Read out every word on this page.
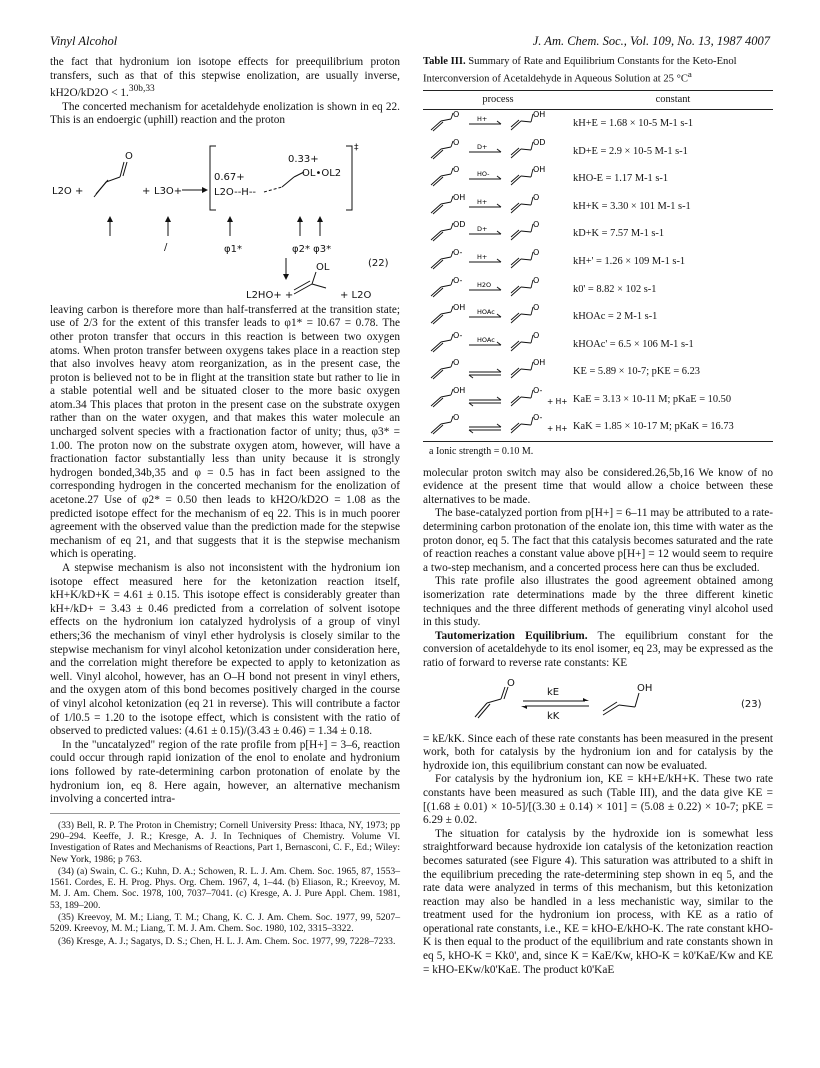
Vinyl Alcohol	J. Am. Chem. Soc., Vol. 109, No. 13, 1987 4007

the fact that hydronium ion isotope effects for preequilibrium proton transfers, such as that of this stepwise enolization, are usually inverse, kH2O/kD2O < 1.$^{30b,33}$

The concerted mechanism for acetaldehyde enolization is shown in eq 22. This is an endoergic (uphill) reaction and the proton

L2O +
O
+ L3O+
‡
0.33+
0.67+
L2O--H--
OL•OL2
/	φ1*	φ2* φ3*
(22)
L2HO+ +
OL
+ L2O

leaving carbon is therefore more than half-transferred at the transition state; use of 2/3 for the extent of this transfer leads to φ1* = l0.67 = 0.78. The other proton transfer that occurs in this reaction is between two oxygen atoms. When proton transfer between oxygens takes place in a reaction step that also involves heavy atom reorganization, as in the present case, the proton is believed not to be in flight at the transition state but rather to lie in a stable potential well and be situated closer to the more basic oxygen atom.34 This places that proton in the present case on the substrate oxygen rather than on the water oxygen, and that makes this water molecule an uncharged solvent species with a fractionation factor of unity; thus, φ3* = 1.00. The proton now on the substrate oxygen atom, however, will have a fractionation factor substantially less than unity because it is strongly hydrogen bonded,34b,35 and φ = 0.5 has in fact been assigned to the corresponding hydrogen in the concerted mechanism for the enolization of acetone.27 Use of φ2* = 0.50 then leads to kH2O/kD2O = 1.08 as the predicted isotope effect for the mechanism of eq 22. This is in much poorer agreement with the observed value than the prediction made for the stepwise mechanism of eq 21, and that suggests that it is the stepwise mechanism which is operating.

A stepwise mechanism is also not inconsistent with the hydronium ion isotope effect measured here for the ketonization reaction itself, kH+K/kD+K = 4.61 ± 0.15. This isotope effect is considerably greater than kH+/kD+ = 3.43 ± 0.46 predicted from a correlation of solvent isotope effects on the hydronium ion catalyzed hydrolysis of a group of vinyl ethers;36 the mechanism of vinyl ether hydrolysis is closely similar to the stepwise mechanism for vinyl alcohol ketonization under consideration here, and the correlation might therefore be expected to apply to ketonization as well. Vinyl alcohol, however, has an O–H bond not present in vinyl ethers, and the oxygen atom of this bond becomes positively charged in the course of vinyl alcohol ketonization (eq 21 in reverse). This will contribute a factor of 1/l0.5 = 1.20 to the isotope effect, which is consistent with the ratio of observed to predicted values: (4.61 ± 0.15)/(3.43 ± 0.46) = 1.34 ± 0.18.

In the "uncatalyzed" region of the rate profile from p[H+] = 3–6, reaction could occur through rapid ionization of the enol to enolate and hydronium ions followed by rate-determining carbon protonation of enolate by the hydronium ion, eq 8. Here again, however, an alternative mechanism involving a concerted intra-

(33) Bell, R. P. The Proton in Chemistry; Cornell University Press: Ithaca, NY, 1973; pp 290–294. Keeffe, J. R.; Kresge, A. J. In Techniques of Chemistry. Volume VI. Investigation of Rates and Mechanisms of Reactions, Part 1, Bernasconi, C. F., Ed.; Wiley: New York, 1986; p 763.
(34) (a) Swain, C. G.; Kuhn, D. A.; Schowen, R. L. J. Am. Chem. Soc. 1965, 87, 1553–1561. Cordes, E. H. Prog. Phys. Org. Chem. 1967, 4, 1–44. (b) Eliason, R.; Kreevoy, M. M. J. Am. Chem. Soc. 1978, 100, 7037–7041. (c) Kresge, A. J. Pure Appl. Chem. 1981, 53, 189–200.
(35) Kreevoy, M. M.; Liang, T. M.; Chang, K. C. J. Am. Chem. Soc. 1977, 99, 5207–5209. Kreevoy, M. M.; Liang, T. M. J. Am. Chem. Soc. 1980, 102, 3315–3322.
(36) Kresge, A. J.; Sagatys, D. S.; Chen, H. L. J. Am. Chem. Soc. 1977, 99, 7228–7233.
Table III. Summary of Rate and Equilibrium Constants for the Keto-Enol Interconversion of Acetaldehyde in Aqueous Solution at 25 $^\circ C^a$
process	constant

O H+ OH	kH+E = 1.68 × 10-5 M-1 s-1

O D+ OD	kD+E = 2.9 × 10-5 M-1 s-1

O HO- OH	kHO-E = 1.17 M-1 s-1

OH H+ O	kH+K = 3.30 × 101 M-1 s-1

OD D+ O	kD+K = 7.57 M-1 s-1

O- H+ O	kH+' = 1.26 × 109 M-1 s-1

O- H2O O	k0' = 8.82 × 102 s-1

OH HOAc O	kHOAc = 2 M-1 s-1

O- HOAc O	kHOAc' = 6.5 × 106 M-1 s-1

O OH	KE = 5.89 × 10-7; pKE = 6.23

OH O-
+ H+	KaE = 3.13 × 10-11 M; pKaE = 10.50

O O-
+ H+	KaK = 1.85 × 10-17 M; pKaK = 16.73
a Ionic strength = 0.10 M.

molecular proton switch may also be considered.26,5b,16 We know of no evidence at the present time that would allow a choice between these alternatives to be made.

The base-catalyzed portion from p[H+] = 6–11 may be attributed to a rate-determining carbon protonation of the enolate ion, this time with water as the proton donor, eq 5. The fact that this catalysis becomes saturated and the rate of reaction reaches a constant value above p[H+] = 12 would seem to require a two-step mechanism, and a concerted process here can thus be excluded.

This rate profile also illustrates the good agreement obtained among isomerization rate determinations made by the three different kinetic techniques and the three different methods of generating vinyl alcohol used in this study.

Tautomerization Equilibrium. The equilibrium constant for the conversion of acetaldehyde to its enol isomer, eq 23, may be expressed as the ratio of forward to reverse rate constants: KE

O
kE
kK
OH
(23)

= kE/kK. Since each of these rate constants has been measured in the present work, both for catalysis by the hydronium ion and for catalysis by the hydroxide ion, this equilibrium constant can now be evaluated.

For catalysis by the hydronium ion, KE = kH+E/kH+K. These two rate constants have been measured as such (Table III), and the data give KE = [(1.68 ± 0.01) × 10-5]/[(3.30 ± 0.14) × 101] = (5.08 ± 0.22) × 10-7; pKE = 6.29 ± 0.02.

The situation for catalysis by the hydroxide ion is somewhat less straightforward because hydroxide ion catalysis of the ketonization reaction becomes saturated (see Figure 4). This saturation was attributed to a shift in the equilibrium preceding the rate-determining step shown in eq 5, and the rate data were analyzed in terms of this mechanism, but this ketonization reaction may also be handled in a less mechanistic way, similar to the treatment used for the hydronium ion process, with KE as a ratio of operational rate constants, i.e., KE = kHO-E/kHO-K. The rate constant kHO-K is then equal to the product of the equilibrium and rate constants shown in eq 5, kHO-K = Kk0', and, since K = KaE/Kw, kHO-K = k0'KaE/Kw and KE = kHO-EKw/k0'KaE. The product k0'KaE
